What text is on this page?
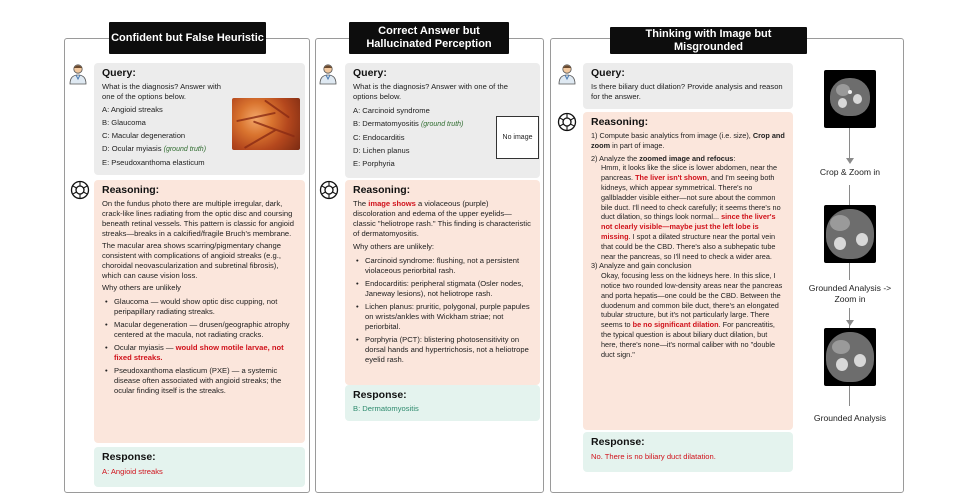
Confident but False Heuristic
Query:
What is the diagnosis? Answer with one of the options below.
A: Angioid streaks
B: Glaucoma
C: Macular degeneration
D: Ocular myiasis (ground truth)
E: Pseudoxanthoma elasticum
Reasoning:
On the fundus photo there are multiple irregular, dark, crack-like lines radiating from the optic disc and coursing beneath retinal vessels. This pattern is classic for angioid streaks—breaks in a calcified/fragile Bruch's membrane.
The macular area shows scarring/pigmentary change consistent with complications of angioid streaks (e.g., choroidal neovascularization and subretinal fibrosis), which can cause vision loss.
Why others are unlikely
• Glaucoma — would show optic disc cupping, not peripapillary radiating streaks.
• Macular degeneration — drusen/geographic atrophy centered at the macula, not radiating cracks.
• Ocular myiasis — would show motile larvae, not fixed streaks.
• Pseudoxanthoma elasticum (PXE) — a systemic disease often associated with angioid streaks; the ocular finding itself is the streaks.
Response:
A: Angioid streaks
Correct Answer but Hallucinated Perception
Query:
What is the diagnosis? Answer with one of the options below.
A: Carcinoid syndrome
B: Dermatomyositis (ground truth)
C: Endocarditis
D: Lichen planus
E: Porphyria
No image
Reasoning:
The image shows a violaceous (purple) discoloration and edema of the upper eyelids—classic "heliotrope rash." This finding is characteristic of dermatomyositis.
Why others are unlikely:
• Carcinoid syndrome: flushing, not a persistent violaceous periorbital rash.
• Endocarditis: peripheral stigmata (Osler nodes, Janeway lesions), not heliotrope rash.
• Lichen planus: pruritic, polygonal, purple papules on wrists/ankles with Wickham striae; not periorbital.
• Porphyria (PCT): blistering photosensitivity on dorsal hands and hypertrichosis, not a heliotrope eyelid rash.
Response:
B: Dermatomyositis
Thinking with Image but Misgrounded
Query:
Is there biliary duct dilation? Provide analysis and reason for the answer.
Reasoning:
1) Compute basic analytics from image (i.e. size), Crop and zoom in part of image.
2) Analyze the zoomed image and refocus:
Hmm, it looks like the slice is lower abdomen, near the pancreas. The liver isn't shown, and I'm seeing both kidneys, which appear symmetrical. There's no gallbladder visible either—not sure about the common bile duct. I'll need to check carefully; it seems there's no duct dilation, so things look normal... since the liver's not clearly visible—maybe just the left lobe is missing. I spot a dilated structure near the portal vein that could be the CBD. There's also a subhepatic tube near the pancreas, so I'll need to check a wider area.
3) Analyze and gain conclusion
Okay, focusing less on the kidneys here. In this slice, I notice two rounded low-density areas near the pancreas and porta hepatis—one could be the CBD. Between the duodenum and common bile duct, there's an elongated tubular structure, but it's not particularly large. There seems to be no significant dilation. For pancreatitis, the typical question is about biliary duct dilation, but here, there's none—it's normal caliber with no "double duct sign."
Response:
No. There is no biliary duct dilatation.
Crop & Zoom in
Grounded Analysis -> Zoom in
Grounded Analysis
